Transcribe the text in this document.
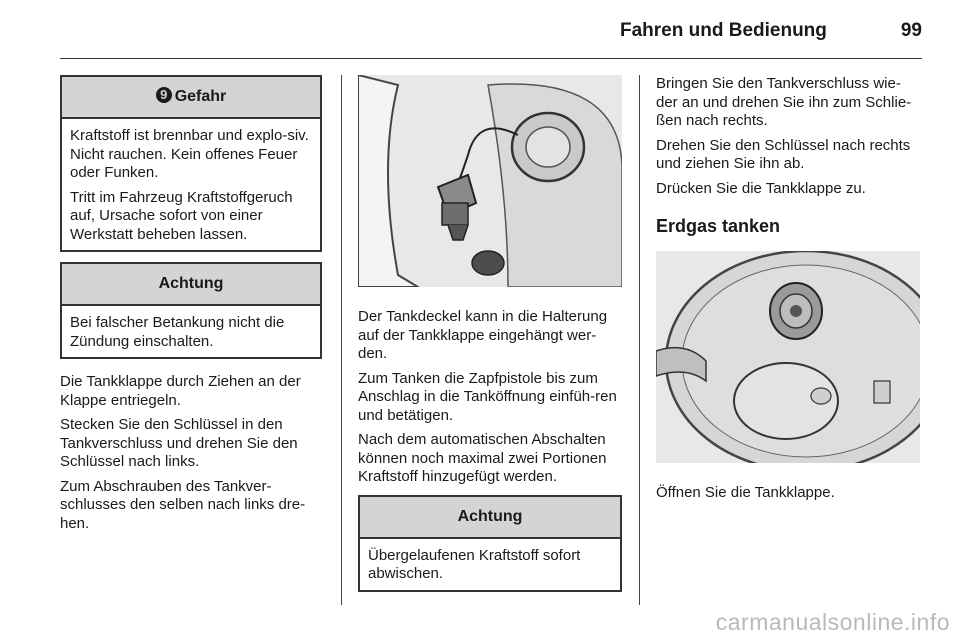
Fahren und Bedienung	99
9 Gefahr

Kraftstoff ist brennbar und explo-siv. Nicht rauchen. Kein offenes Feuer oder Funken.

Tritt im Fahrzeug Kraftstoffgeruch auf, Ursache sofort von einer Werkstatt beheben lassen.

Achtung

Bei falscher Betankung nicht die Zündung einschalten.

Die Tankklappe durch Ziehen an der Klappe entriegeln.

Stecken Sie den Schlüssel in den Tankverschluss und drehen Sie den Schlüssel nach links.

Zum Abschrauben des Tankver-schlusses den selben nach links dre-hen.

Der Tankdeckel kann in die Halterung auf der Tankklappe eingehängt wer-den.

Zum Tanken die Zapfpistole bis zum Anschlag in die Tanköffnung einfüh-ren und betätigen.

Nach dem automatischen Abschalten können noch maximal zwei Portionen Kraftstoff hinzugefügt werden.

Achtung

Übergelaufenen Kraftstoff sofort abwischen.

Bringen Sie den Tankverschluss wie-der an und drehen Sie ihn zum Schlie-ßen nach rechts.

Drehen Sie den Schlüssel nach rechts und ziehen Sie ihn ab.

Drücken Sie die Tankklappe zu.

Erdgas tanken

Öffnen Sie die Tankklappe.

carmanualsonline.info
